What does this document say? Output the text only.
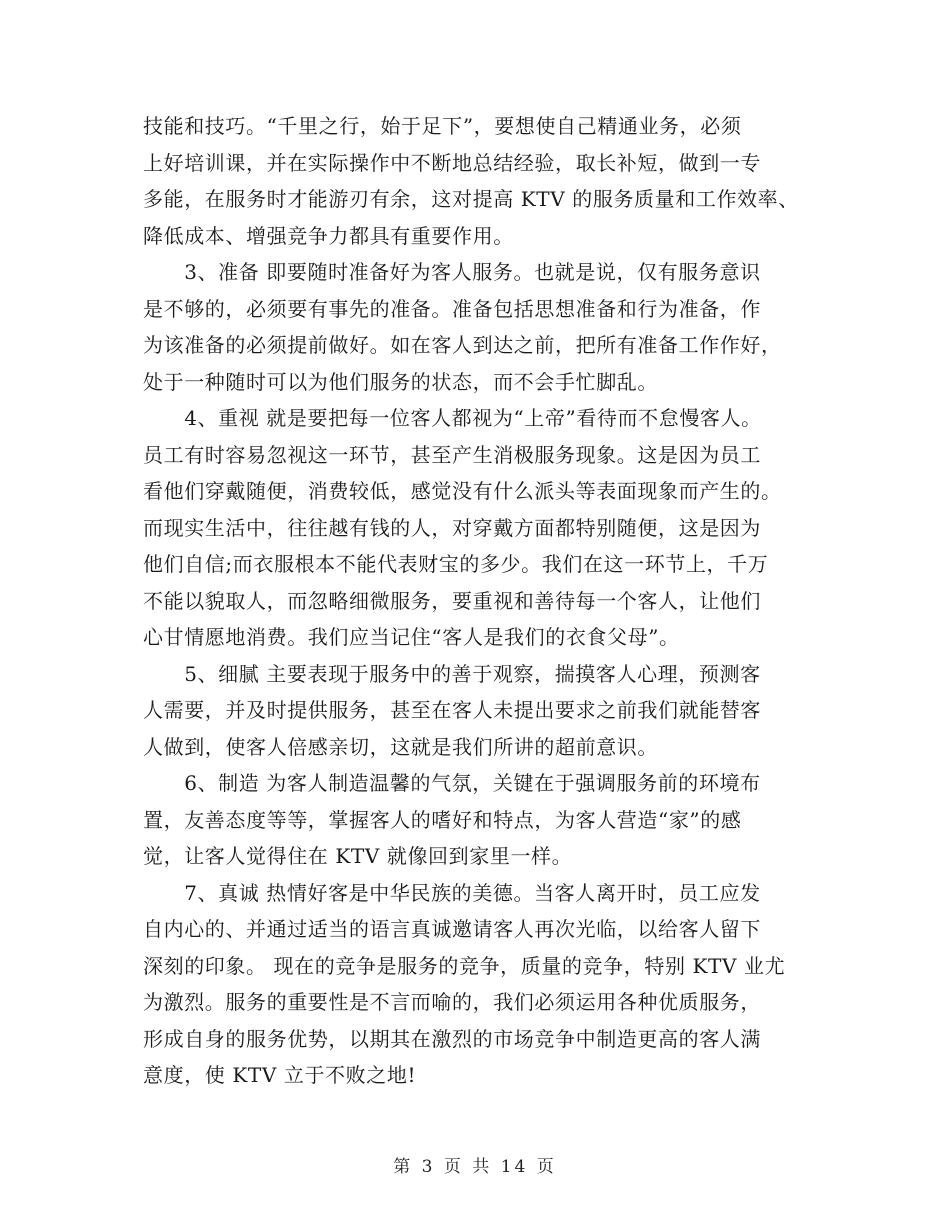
技能和技巧。“千里之行，始于足下”，要想使自己精通业务，必须
上好培训课，并在实际操作中不断地总结经验，取长补短，做到一专
多能，在服务时才能游刃有余，这对提高 KTV 的服务质量和工作效率、
降低成本、增强竞争力都具有重要作用。
　　3、准备 即要随时准备好为客人服务。也就是说，仅有服务意识
是不够的，必须要有事先的准备。准备包括思想准备和行为准备，作
为该准备的必须提前做好。如在客人到达之前，把所有准备工作作好，
处于一种随时可以为他们服务的状态，而不会手忙脚乱。
　　4、重视 就是要把每一位客人都视为“上帝”看待而不怠慢客人。
员工有时容易忽视这一环节，甚至产生消极服务现象。这是因为员工
看他们穿戴随便，消费较低，感觉没有什么派头等表面现象而产生的。
而现实生活中，往往越有钱的人，对穿戴方面都特别随便，这是因为
他们自信;而衣服根本不能代表财宝的多少。我们在这一环节上，千万
不能以貌取人，而忽略细微服务，要重视和善待每一个客人，让他们
心甘情愿地消费。我们应当记住“客人是我们的衣食父母”。
　　5、细腻 主要表现于服务中的善于观察，揣摸客人心理，预测客
人需要，并及时提供服务，甚至在客人未提出要求之前我们就能替客
人做到，使客人倍感亲切，这就是我们所讲的超前意识。
　　6、制造 为客人制造温馨的气氛，关键在于强调服务前的环境布
置，友善态度等等，掌握客人的嗜好和特点，为客人营造“家”的感
觉，让客人觉得住在 KTV 就像回到家里一样。
　　7、真诚 热情好客是中华民族的美德。当客人离开时，员工应发
自内心的、并通过适当的语言真诚邀请客人再次光临，以给客人留下
深刻的印象。 现在的竞争是服务的竞争，质量的竞争，特别 KTV 业尤
为激烈。服务的重要性是不言而喻的，我们必须运用各种优质服务，
形成自身的服务优势，以期其在激烈的市场竞争中制造更高的客人满
意度，使 KTV 立于不败之地!
第 3 页 共 14 页
